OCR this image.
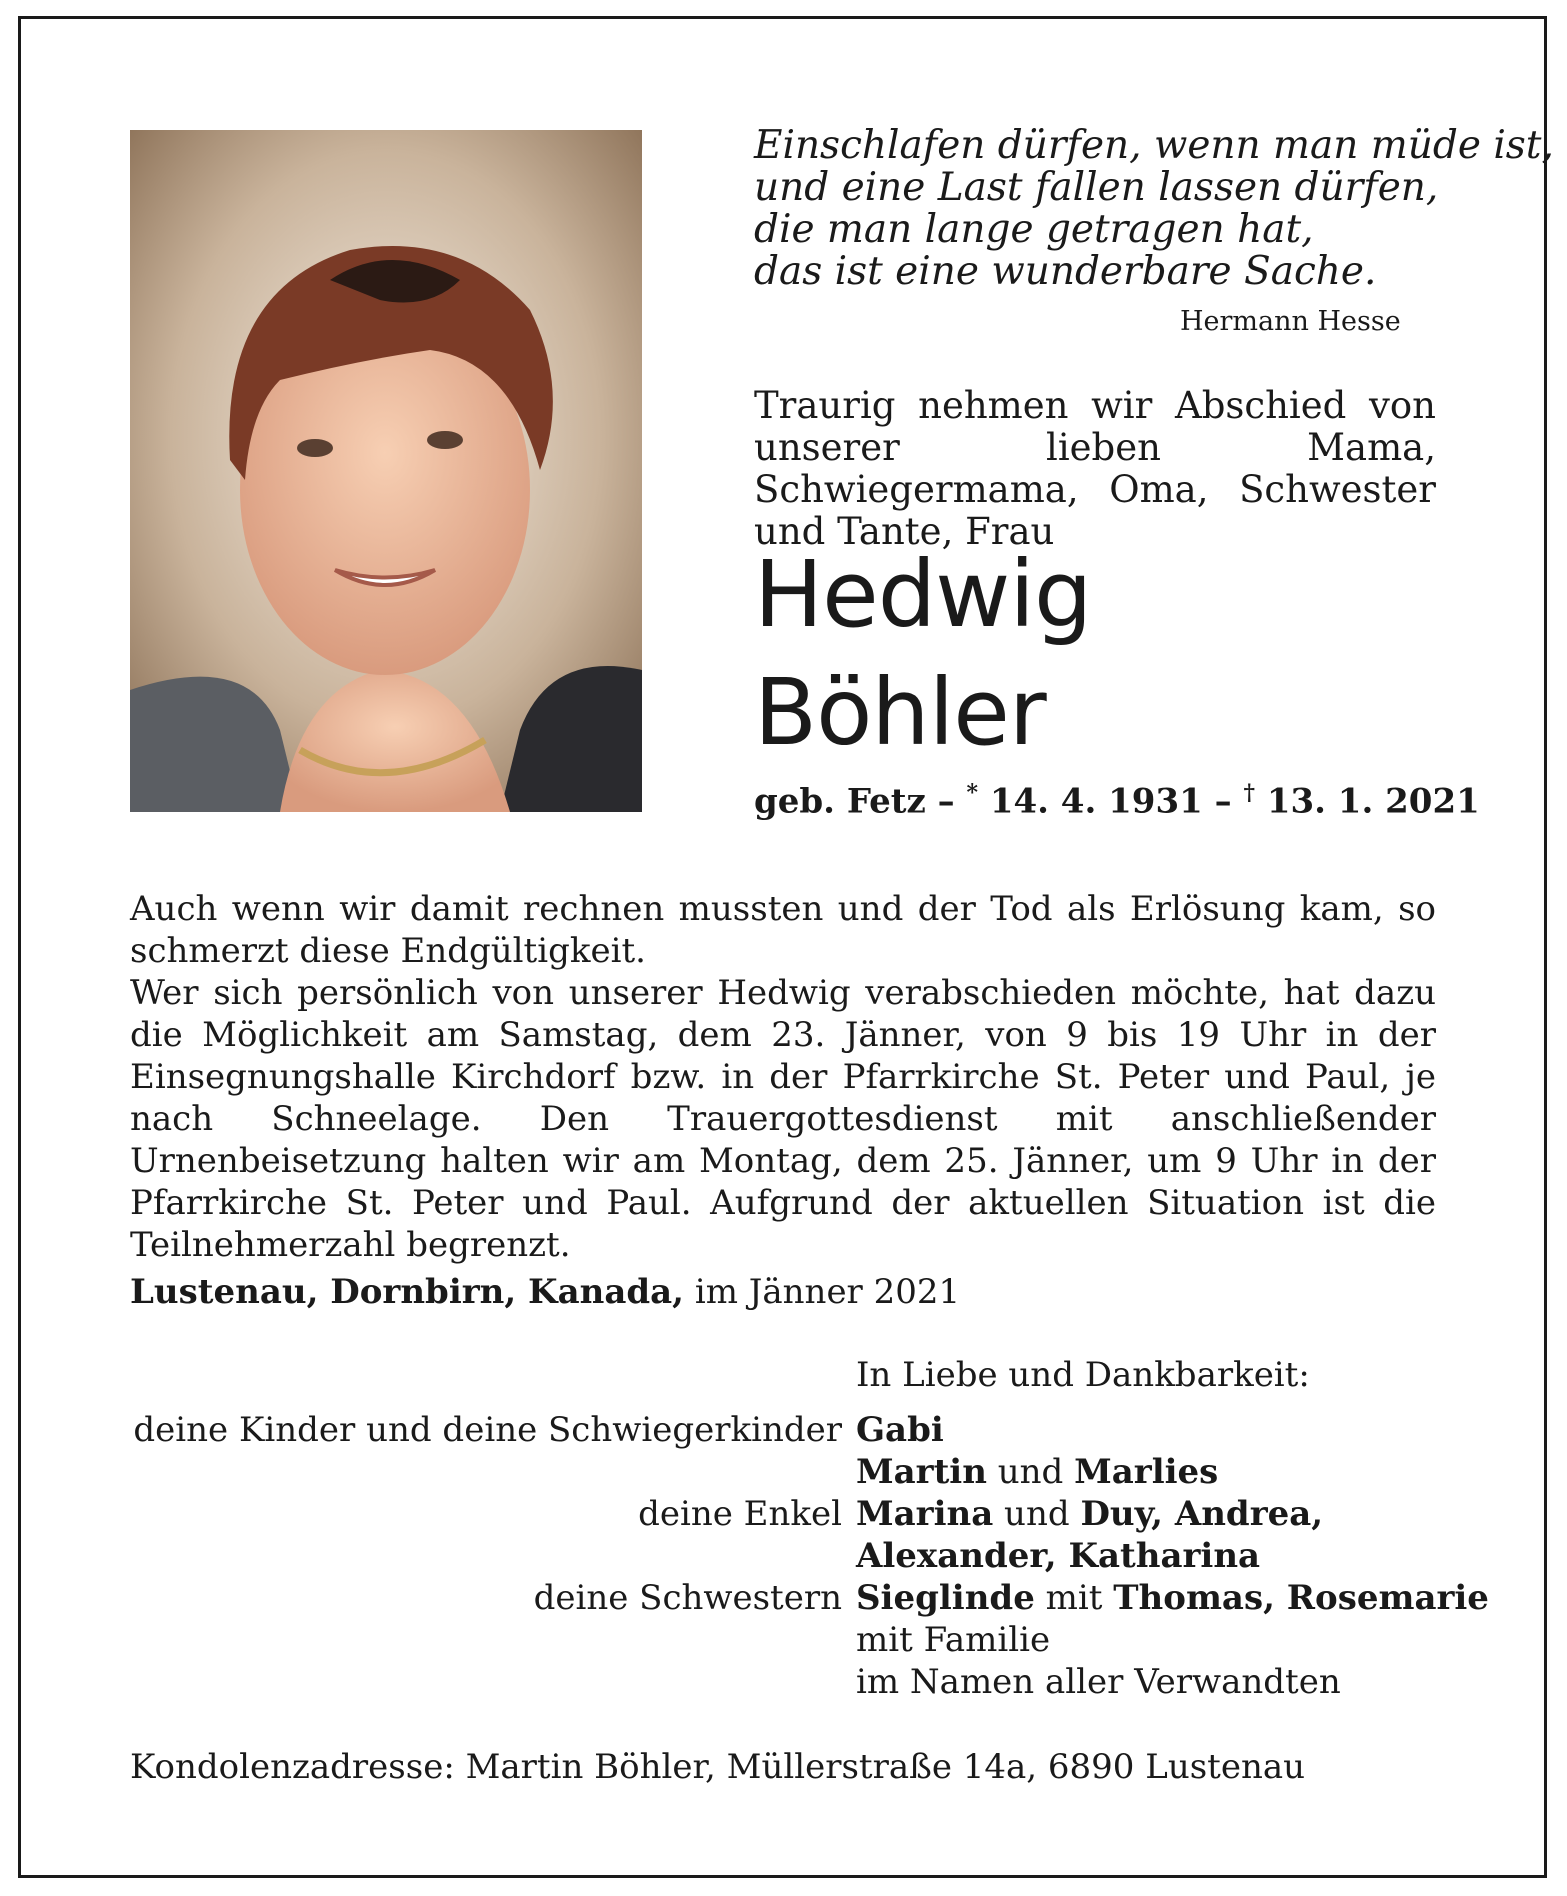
Einschlafen dürfen, wenn man müde ist,
und eine Last fallen lassen dürfen,
die man lange getragen hat,
das ist eine wunderbare Sache.
Hermann Hesse
Traurig nehmen wir Abschied von unserer lieben Mama, Schwiegermama, Oma, Schwester und Tante, Frau
Hedwig
Böhler
geb. Fetz – * 14. 4. 1931 – † 13. 1. 2021

Auch wenn wir damit rechnen mussten und der Tod als Erlösung kam, so schmerzt diese Endgültigkeit.

Wer sich persönlich von unserer Hedwig verabschieden möchte, hat dazu die Möglichkeit am Samstag, dem 23. Jänner, von 9 bis 19 Uhr in der Einsegnungshalle Kirchdorf bzw. in der Pfarrkirche St. Peter und Paul, je nach Schneelage. Den Trauergottesdienst mit anschließender Urnenbeisetzung halten wir am Montag, dem 25. Jänner, um 9 Uhr in der Pfarrkirche St. Peter und Paul. Aufgrund der aktuellen Situation ist die Teilnehmerzahl begrenzt.

Lustenau, Dornbirn, Kanada, im Jänner 2021
In Liebe und Dankbarkeit:
deine Kinder und deine Schwiegerkinder Gabi
Martin und Marlies
deine Enkel Marina und Duy, Andrea,
Alexander, Katharina
deine Schwestern Sieglinde mit Thomas, Rosemarie
mit Familie
im Namen aller Verwandten
Kondolenzadresse: Martin Böhler, Müllerstraße 14a, 6890 Lustenau
